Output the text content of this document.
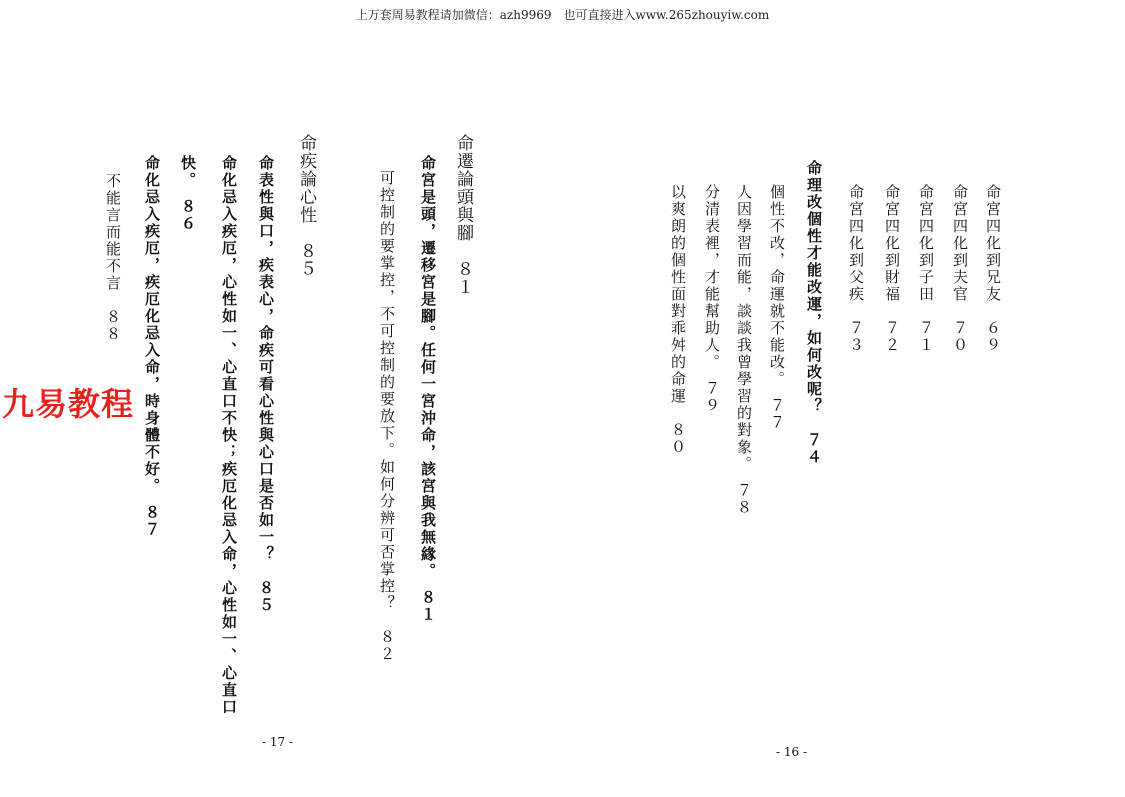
上万套周易教程请加微信：azh9969　也可直接进入www.265zhouyiw.com
命宮四化到兄友　６９
命宮四化到夫官　７０
命宮四化到子田　７１
命宮四化到財福　７２
命宮四化到父疾　７３
命理改個性才能改運，如何改呢？　７４
個性不改，命運就不能改。　７７
人因學習而能，談談我曾學習的對象。　７８
分清表裡，才能幫助人。　７９
以爽朗的個性面對乖舛的命運　８０
- 16 -
命遷論頭與腳　８１
命宮是頭，遷移宮是腳。任何一宮沖命，該宮與我無緣。　８１
可控制的要掌控，不可控制的要放下。如何分辨可否掌控？　８２
命疾論心性　８５
命表性與口，疾表心，命疾可看心性與心口是否如一？　８５
命化忌入疾厄，心性如一、心直口不快；疾厄化忌入命，心性如一、心直口
快。　８６
命化忌入疾厄，疾厄化忌入命，時身體不好。　８７
不能言而能不言　８８
- 17 -
九易教程
